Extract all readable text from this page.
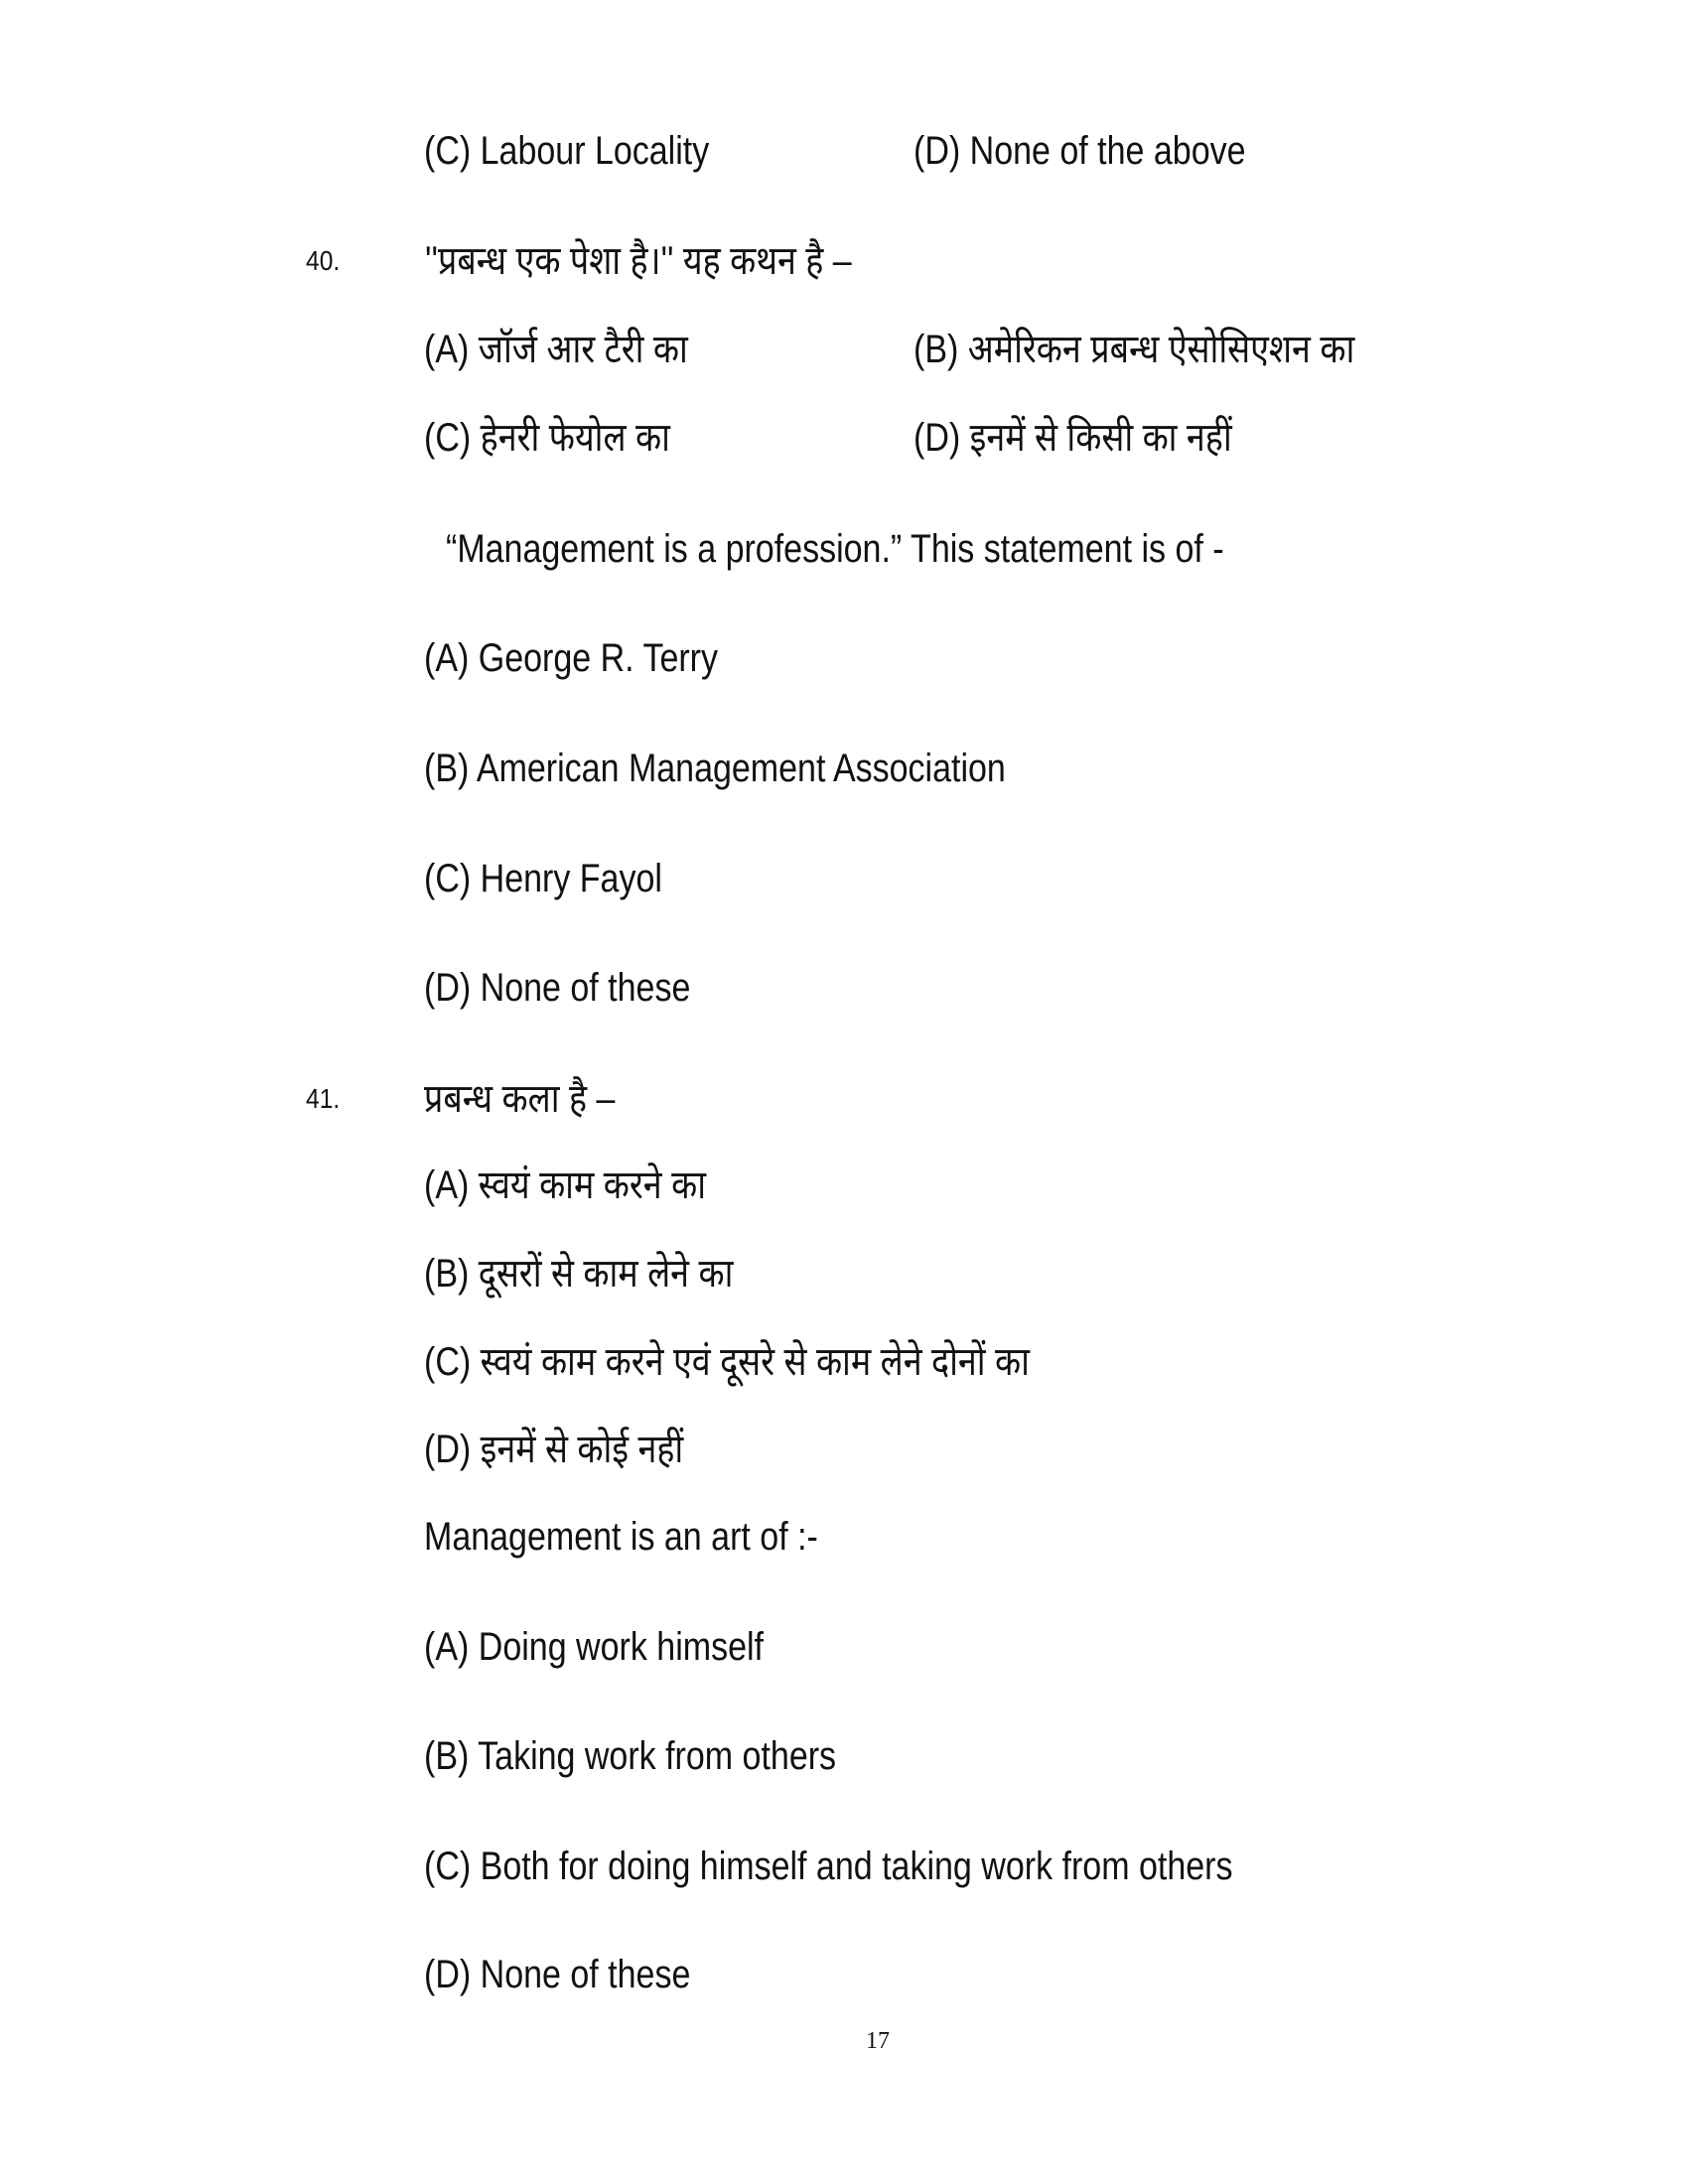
(C) Labour Locality	(D) None of the above
40. ''प्रबन्ध एक पेशा है।'' यह कथन है –
(A) जॉर्ज आर टैरी का	(B) अमेरिकन प्रबन्ध ऐसोसिएशन का
(C) हेनरी फेयोल का	(D) इनमें से किसी का नहीं
“Management is a profession.” This statement is of -
(A) George R. Terry
(B) American Management Association
(C) Henry Fayol
(D) None of these
41. प्रबन्ध कला है –
(A) स्वयं काम करने का
(B) दूसरों से काम लेने का
(C) स्वयं काम करने एवं दूसरे से काम लेने दोनों का
(D) इनमें से कोई नहीं
Management is an art of :-
(A) Doing work himself
(B) Taking work from others
(C) Both for doing himself and taking work from others
(D) None of these
17
